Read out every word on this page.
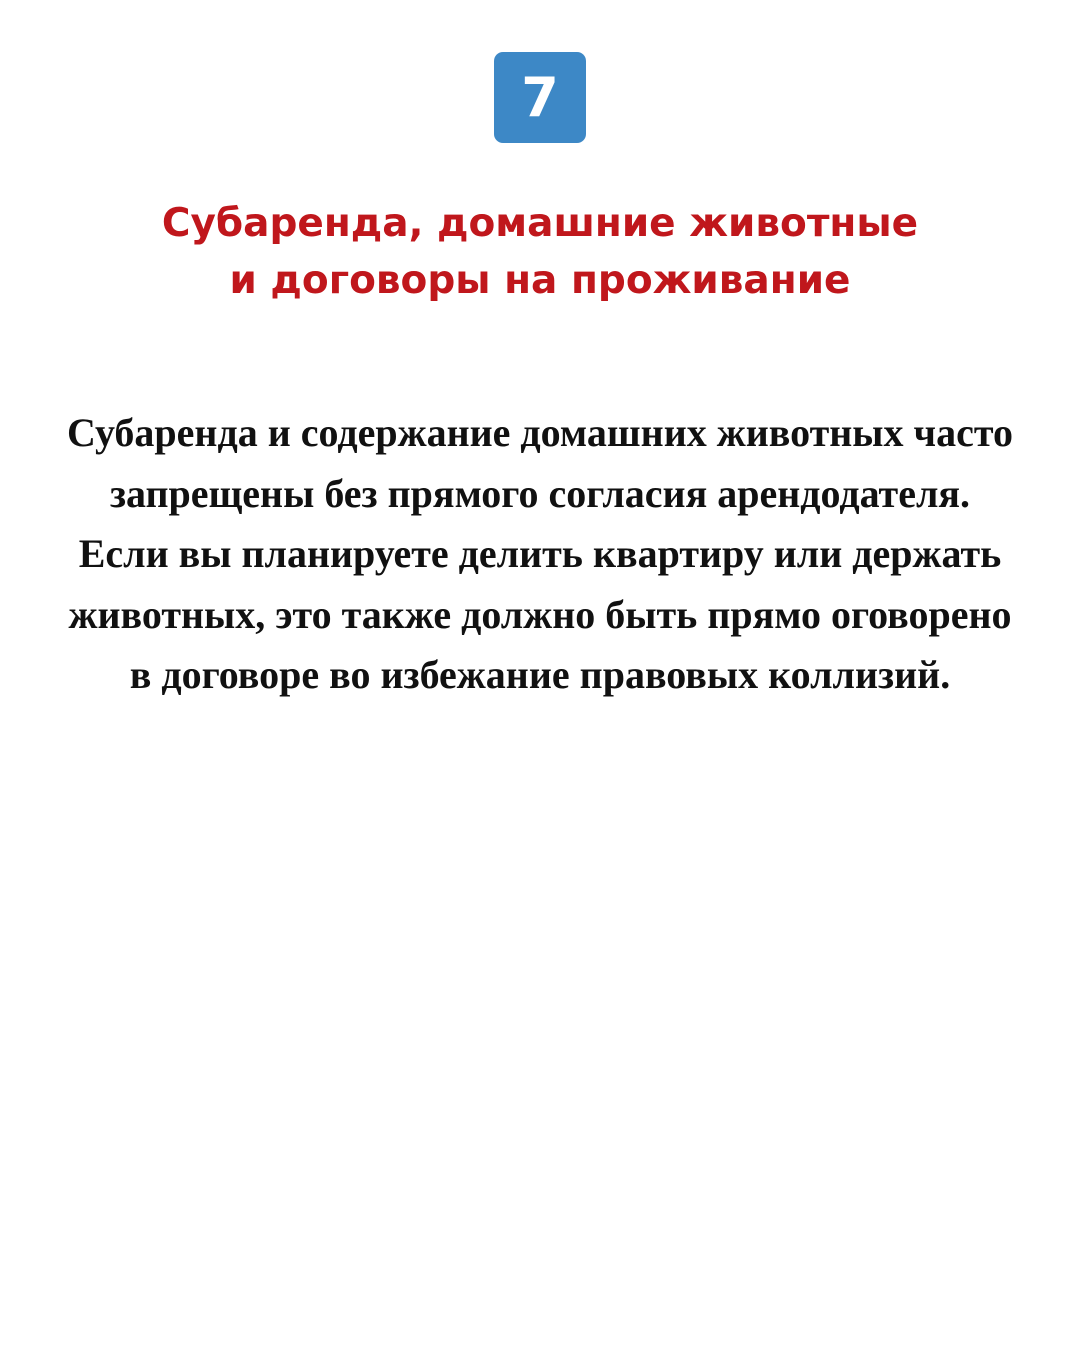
7
Субаренда, домашние животные
и договоры на проживание
Субаренда и содержание домашних животных часто
запрещены без прямого согласия арендодателя.
Если вы планируете делить квартиру или держать
животных, это также должно быть прямо оговорено
в договоре во избежание правовых коллизий.
